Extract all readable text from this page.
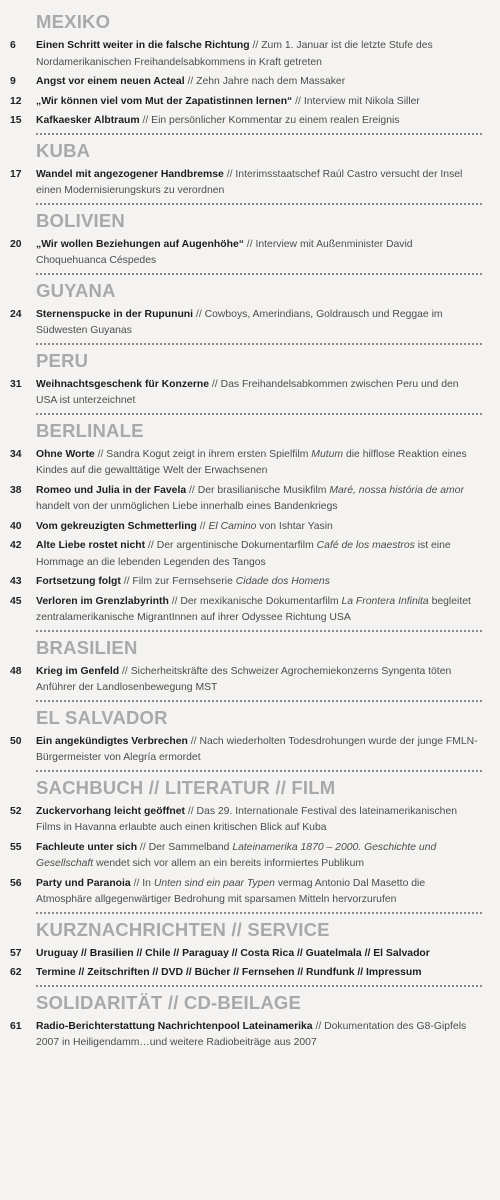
MEXIKO
6	Einen Schritt weiter in die falsche Richtung // Zum 1. Januar ist die letzte Stufe des Nordamerikanischen Freihandelsabkommens in Kraft getreten
9	Angst vor einem neuen Acteal // Zehn Jahre nach dem Massaker
12	„Wir können viel vom Mut der Zapatistinnen lernen“ // Interview mit Nikola Siller
15	Kafkaesker Albtraum // Ein persönlicher Kommentar zu einem realen Ereignis
KUBA
17	Wandel mit angezogener Handbremse // Interimsstaatschef Raúl Castro versucht der Insel einen Modernisierungskurs zu verordnen
BOLIVIEN
20	„Wir wollen Beziehungen auf Augenhöhe“ // Interview mit Außenminister David Choquehuanca Céspedes
GUYANA
24	Sternenspucke in der Rupununi // Cowboys, Amerindians, Goldrausch und Reggae im Südwesten Guyanas
PERU
31	Weihnachtsgeschenk für Konzerne // Das Freihandelsabkommen zwischen Peru und den USA ist unterzeichnet
BERLINALE
34	Ohne Worte // Sandra Kogut zeigt in ihrem ersten Spielfilm Mutum die hilflose Reaktion eines Kindes auf die gewalttätige Welt der Erwachsenen
38	Romeo und Julia in der Favela // Der brasilianische Musikfilm Maré, nossa história de amor handelt von der unmöglichen Liebe innerhalb eines Bandenkriegs
40	Vom gekreuzigten Schmetterling // El Camino von Ishtar Yasin
42	Alte Liebe rostet nicht // Der argentinische Dokumentarfilm Café de los maestros ist eine Hommage an die lebenden Legenden des Tangos
43	Fortsetzung folgt // Film zur Fernsehserie Cidade dos Homens
45	Verloren im Grenzlabyrinth // Der mexikanische Dokumentarfilm La Frontera Infinita begleitet zentralamerikanische MigrantInnen auf ihrer Odyssee Richtung USA
BRASILIEN
48	Krieg im Genfeld // Sicherheitskräfte des Schweizer Agrochemiekonzerns Syngenta töten Anführer der Landlosenbewegung MST
EL SALVADOR
50	Ein angekündigtes Verbrechen // Nach wiederholten Todesdrohungen wurde der junge FMLN-Bürgermeister von Alegría ermordet
SACHBUCH // LITERATUR // FILM
52	Zuckervorhang leicht geöffnet // Das 29. Internationale Festival des lateinamerikanischen Films in Havanna erlaubte auch einen kritischen Blick auf Kuba
55	Fachleute unter sich // Der Sammelband Lateinamerika 1870 – 2000. Geschichte und Gesellschaft wendet sich vor allem an ein bereits informiertes Publikum
56	Party und Paranoia // In Unten sind ein paar Typen vermag Antonio Dal Masetto die Atmosphäre allgegenwärtiger Bedrohung mit sparsamen Mitteln hervorzurufen
KURZNACHRICHTEN // SERVICE
57	Uruguay // Brasilien // Chile // Paraguay // Costa Rica // Guatelmala // El Salvador
62	Termine // Zeitschriften // DVD // Bücher // Fernsehen // Rundfunk // Impressum
SOLIDARITÄT // CD-BEILAGE
61	Radio-Berichterstattung Nachrichtenpool Lateinamerika // Dokumentation des G8-Gipfels 2007 in Heiligendamm…und weitere Radiobeiträge aus 2007
